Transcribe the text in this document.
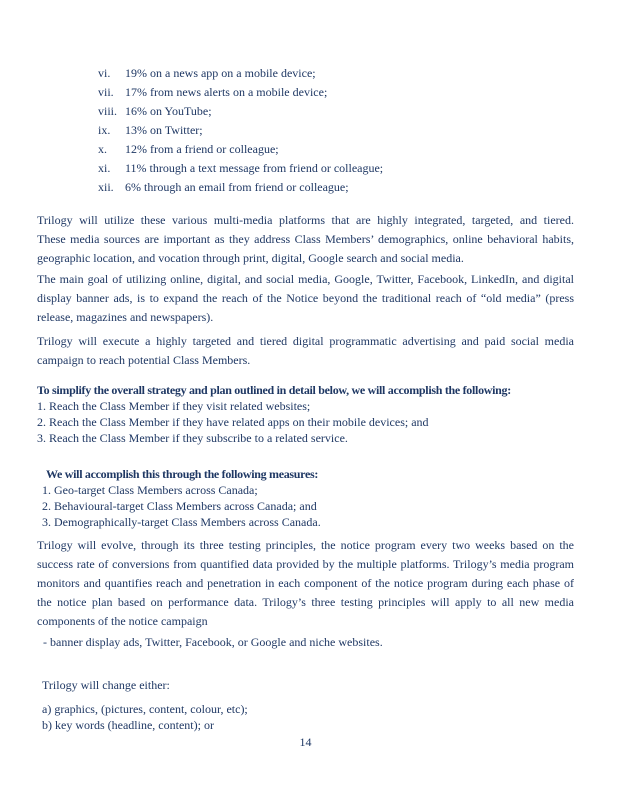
vi.	19% on a news app on a mobile device;
vii. 17% from news alerts on a mobile device;
viii. 16% on YouTube;
ix.	13% on Twitter;
x.	12% from a friend or colleague;
xi.	11% through a text message from friend or colleague;
xii. 6% through an email from friend or colleague;
Trilogy will utilize these various multi-media platforms that are highly integrated, targeted, and tiered.
These media sources are important as they address Class Members’ demographics, online behavioral habits,
geographic location, and vocation through print, digital, Google search and social media.
The main goal of utilizing online, digital, and social media, Google, Twitter, Facebook, LinkedIn, and digital
display banner ads, is to expand the reach of the Notice beyond the traditional reach of “old media” (press
release, magazines and newspapers).
Trilogy will execute a highly targeted and tiered digital programmatic advertising and paid social media
campaign to reach potential Class Members.
To simplify the overall strategy and plan outlined in detail below, we will accomplish the following:
1. Reach the Class Member if they visit related websites;
2. Reach the Class Member if they have related apps on their mobile devices; and
3. Reach the Class Member if they subscribe to a related service.
We will accomplish this through the following measures:
1. Geo-target Class Members across Canada;
2. Behavioural-target Class Members across Canada; and
3. Demographically-target Class Members across Canada.
Trilogy will evolve, through its three testing principles, the notice program every two weeks based on the
success rate of conversions from quantified data provided by the multiple platforms. Trilogy’s media program
monitors and quantifies reach and penetration in each component of the notice program during each phase of
the notice plan based on performance data. Trilogy’s three testing principles will apply to all new media
components of the notice campaign
- banner display ads, Twitter, Facebook, or Google and niche websites.
Trilogy will change either:
a) graphics, (pictures, content, colour, etc);
b) key words (headline, content); or
14
